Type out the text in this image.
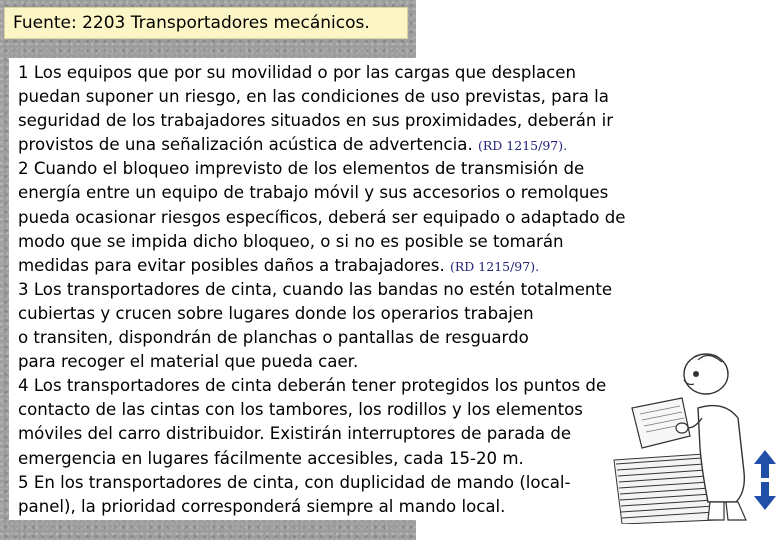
Fuente: 2203 Transportadores mecánicos.
1 Los equipos que por su movilidad o por las cargas que desplacen
puedan suponer un riesgo, en las condiciones de uso previstas, para la
seguridad de los trabajadores situados en sus proximidades, deberán ir
provistos de una señalización acústica de advertencia. (RD 1215/97).
2 Cuando el bloqueo imprevisto de los elementos de transmisión de
energía entre un equipo de trabajo móvil y sus accesorios o remolques
pueda ocasionar riesgos específicos, deberá ser equipado o adaptado de
modo que se impida dicho bloqueo, o si no es posible se tomarán
medidas para evitar posibles daños a trabajadores. (RD 1215/97).
3 Los transportadores de cinta, cuando las bandas no estén totalmente
cubiertas y crucen sobre lugares donde los operarios trabajen
o transiten, dispondrán de planchas o pantallas de resguardo
para recoger el material que pueda caer.
4 Los transportadores de cinta deberán tener protegidos los puntos de
contacto de las cintas con los tambores, los rodillos y los elementos
móviles del carro distribuidor. Existirán interruptores de parada de
emergencia en lugares fácilmente accesibles, cada 15-20 m.
5 En los transportadores de cinta, con duplicidad de mando (local-
panel), la prioridad corresponderá siempre al mando local.
